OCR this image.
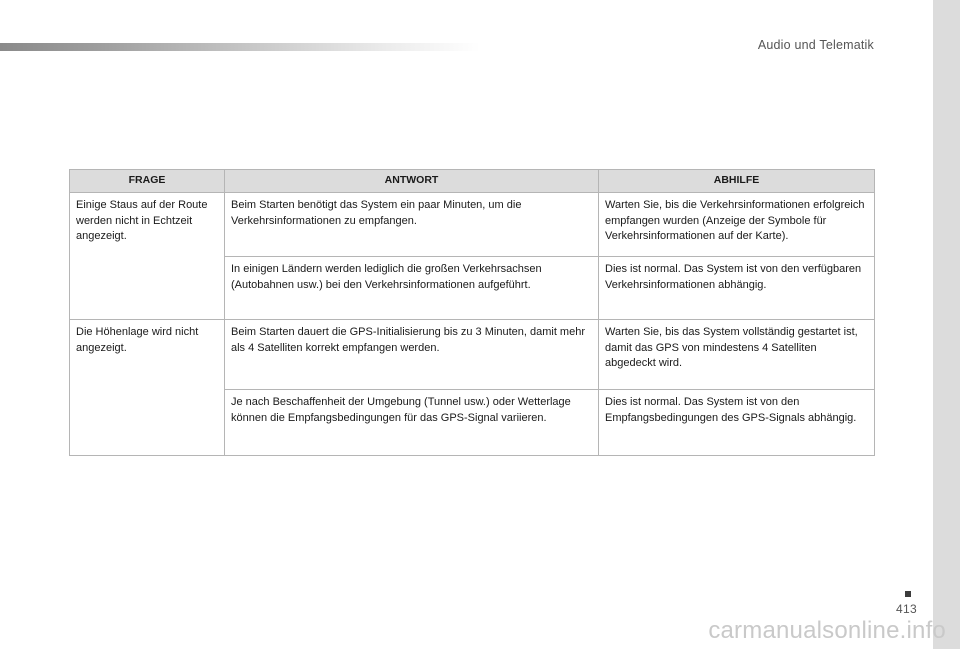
Audio und Telematik
FRAGE	ANTWORT	ABHILFE
Einige Staus auf der Route werden nicht in Echtzeit angezeigt.	Beim Starten benötigt das System ein paar Minuten, um die Verkehrsinformationen zu empfangen.	Warten Sie, bis die Verkehrsinformationen erfolgreich empfangen wurden (Anzeige der Symbole für Verkehrsinformationen auf der Karte).
	In einigen Ländern werden lediglich die großen Verkehrsachsen (Autobahnen usw.) bei den Verkehrsinformationen aufgeführt.	Dies ist normal. Das System ist von den verfügbaren Verkehrsinformationen abhängig.
Die Höhenlage wird nicht angezeigt.	Beim Starten dauert die GPS-Initialisierung bis zu 3 Minuten, damit mehr als 4 Satelliten korrekt empfangen werden.	Warten Sie, bis das System vollständig gestartet ist, damit das GPS von mindestens 4 Satelliten abgedeckt wird.
	Je nach Beschaffenheit der Umgebung (Tunnel usw.) oder Wetterlage können die Empfangsbedingungen für das GPS-Signal variieren.	Dies ist normal. Das System ist von den Empfangsbedingungen des GPS-Signals abhängig.
413
carmanualsonline.info
